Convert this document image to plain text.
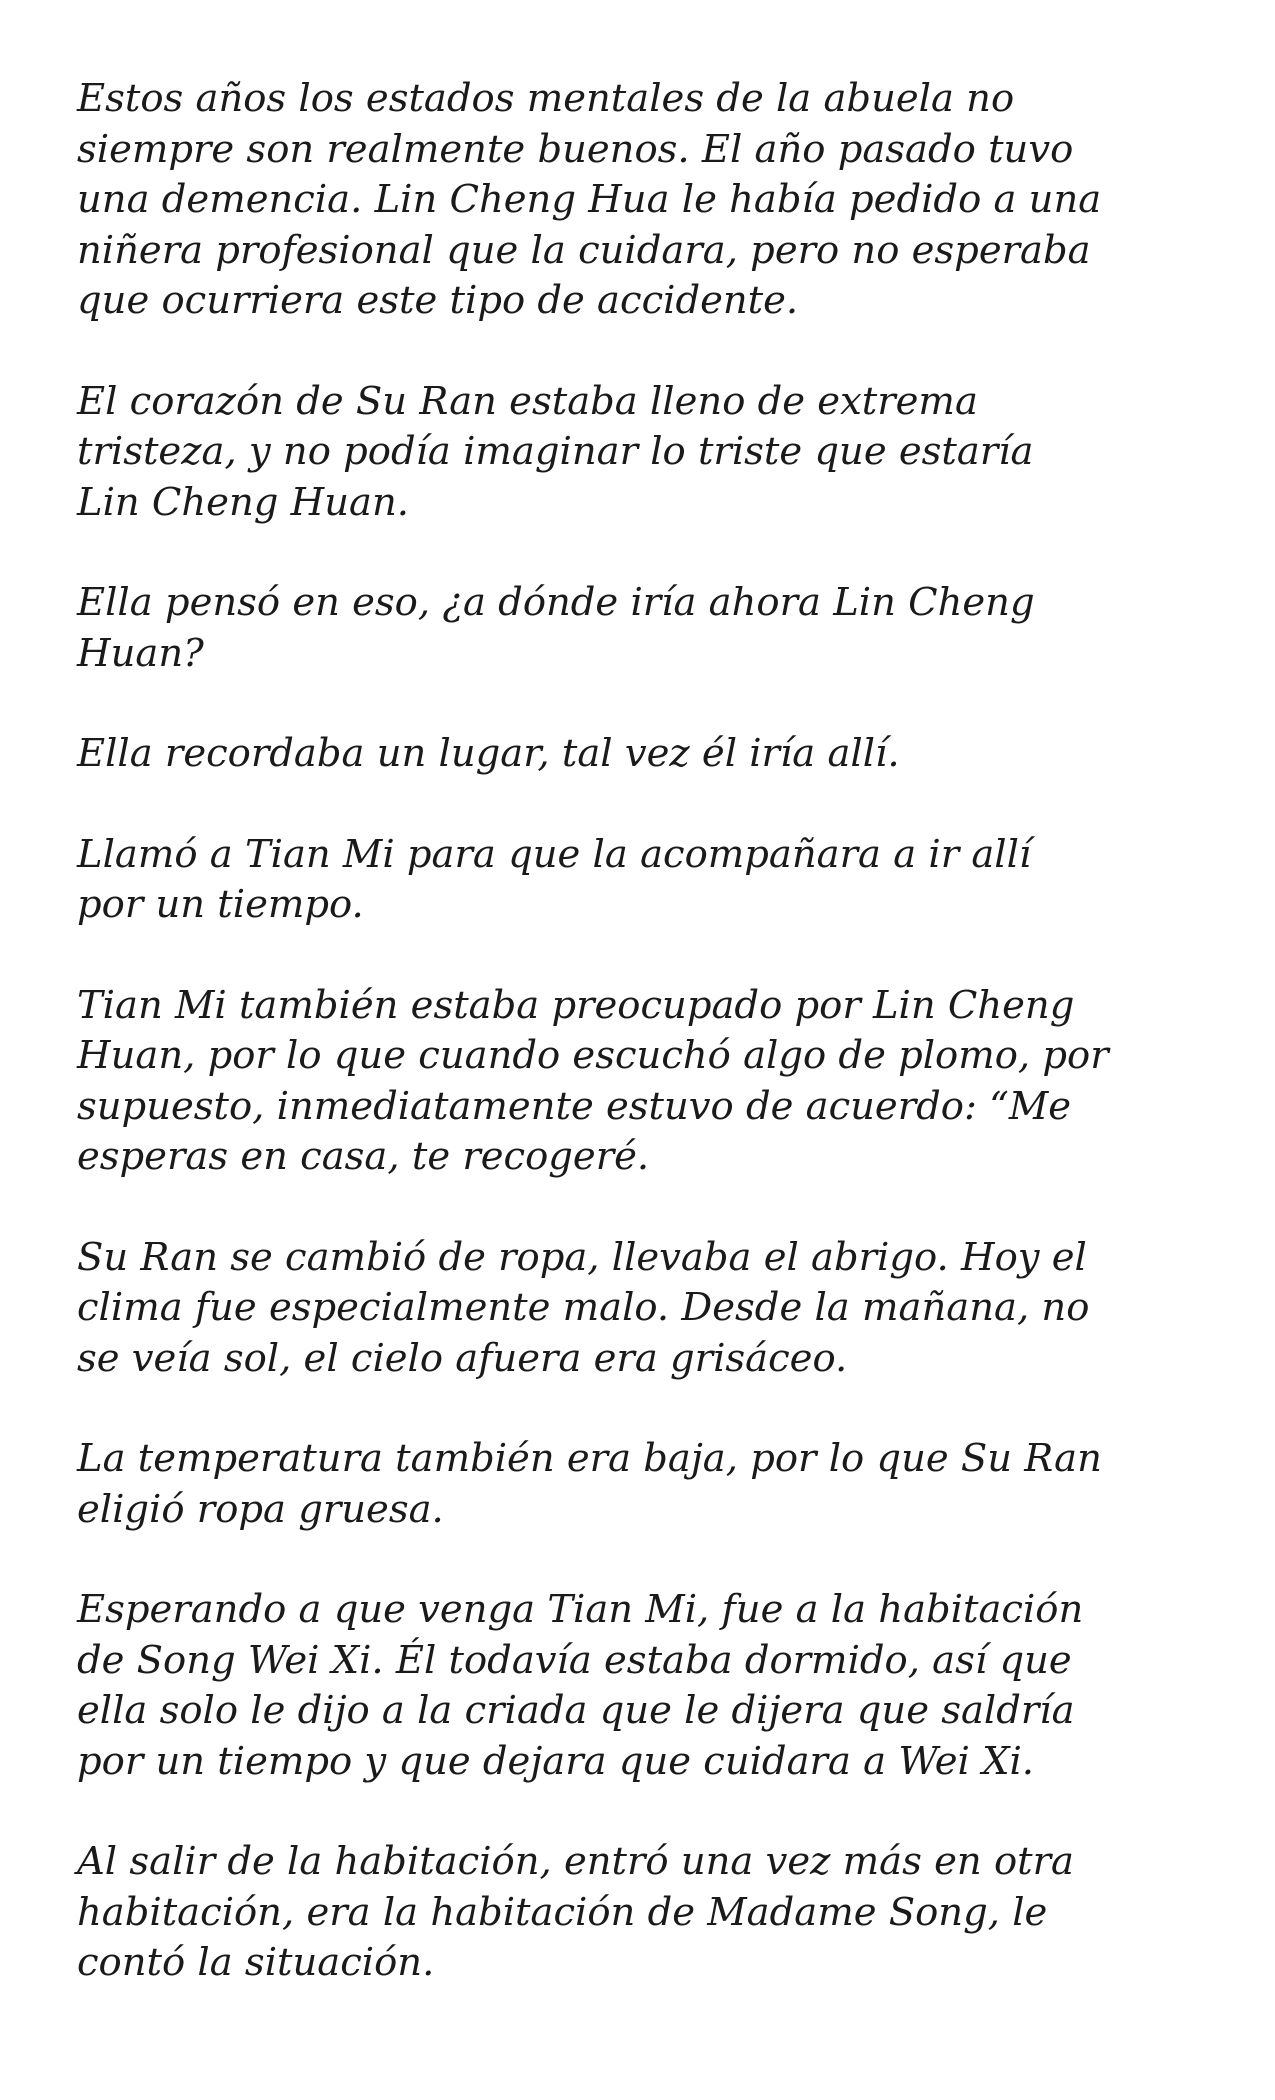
Estos años los estados mentales de la abuela no
siempre son realmente buenos. El año pasado tuvo
una demencia. Lin Cheng Hua le había pedido a una
niñera profesional que la cuidara, pero no esperaba
que ocurriera este tipo de accidente.

El corazón de Su Ran estaba lleno de extrema
tristeza, y no podía imaginar lo triste que estaría
Lin Cheng Huan.

Ella pensó en eso, ¿a dónde iría ahora Lin Cheng
Huan?

Ella recordaba un lugar, tal vez él iría allí.

Llamó a Tian Mi para que la acompañara a ir allí
por un tiempo.

Tian Mi también estaba preocupado por Lin Cheng
Huan, por lo que cuando escuchó algo de plomo, por
supuesto, inmediatamente estuvo de acuerdo: “Me
esperas en casa, te recogeré.

Su Ran se cambió de ropa, llevaba el abrigo. Hoy el
clima fue especialmente malo. Desde la mañana, no
se veía sol, el cielo afuera era grisáceo.

La temperatura también era baja, por lo que Su Ran
eligió ropa gruesa.

Esperando a que venga Tian Mi, fue a la habitación
de Song Wei Xi. Él todavía estaba dormido, así que
ella solo le dijo a la criada que le dijera que saldría
por un tiempo y que dejara que cuidara a Wei Xi.

Al salir de la habitación, entró una vez más en otra
habitación, era la habitación de Madame Song, le
contó la situación.
